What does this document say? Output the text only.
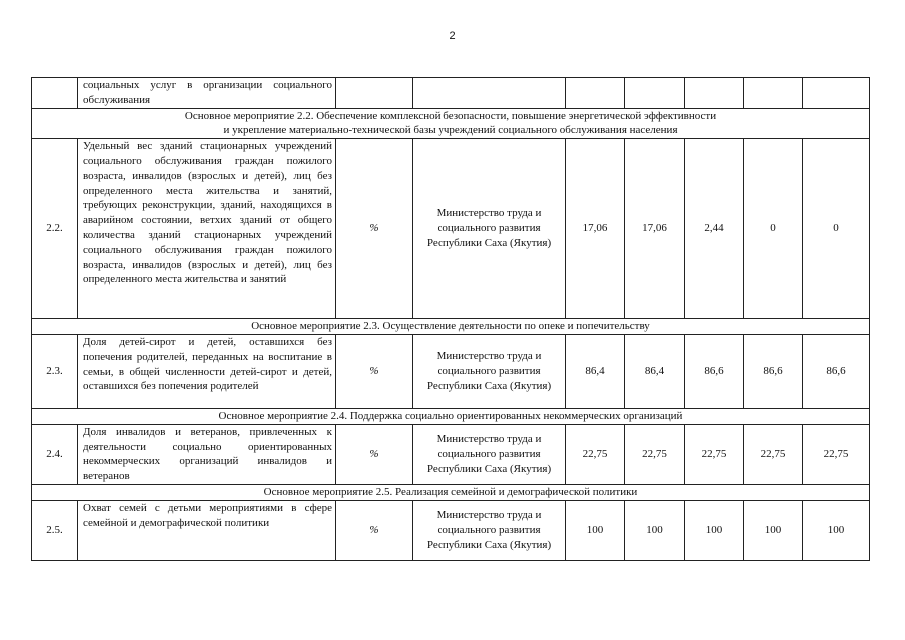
2
	социальных услуг в организации социального обслуживания							

Основное мероприятие 2.2. Обеспечение комплексной безопасности, повышение энергетической эффективности
и укрепление материально-технической базы учреждений социального обслуживания населения								

2.2.	Удельный вес зданий стационарных учреждений социального обслуживания граждан пожилого возраста, инвалидов (взрослых и детей), лиц без определенного места жительства и занятий, требующих реконструкции, зданий, находящихся в аварийном состоянии, ветхих зданий от общего количества зданий стационарных учреждений социального обслуживания граждан пожилого возраста, инвалидов (взрослых и детей), лиц без определенного места жительства и занятий	%	Министерство труда и социального развития Республики Саха (Якутия)	17,06	17,06	2,44	0	0

Основное мероприятие 2.3. Осуществление деятельности по опеке и попечительству								

2.3.	Доля детей-сирот и детей, оставшихся без попечения родителей, переданных на воспитание в семьи, в общей численности детей-сирот и детей, оставшихся без попечения родителей	%	Министерство труда и социального развития Республики Саха (Якутия)	86,4	86,4	86,6	86,6	86,6

Основное мероприятие 2.4. Поддержка социально ориентированных некоммерческих организаций								

2.4.	Доля инвалидов и ветеранов, привлеченных к деятельности социально ориентированных некоммерческих организаций инвалидов и ветеранов	%	Министерство труда и социального развития Республики Саха (Якутия)	22,75	22,75	22,75	22,75	22,75

Основное мероприятие 2.5. Реализация семейной и демографической политики								

2.5.	Охват семей с детьми мероприятиями в сфере семейной и демографической политики	%	Министерство труда и социального развития Республики Саха (Якутия)	100	100	100	100	100
